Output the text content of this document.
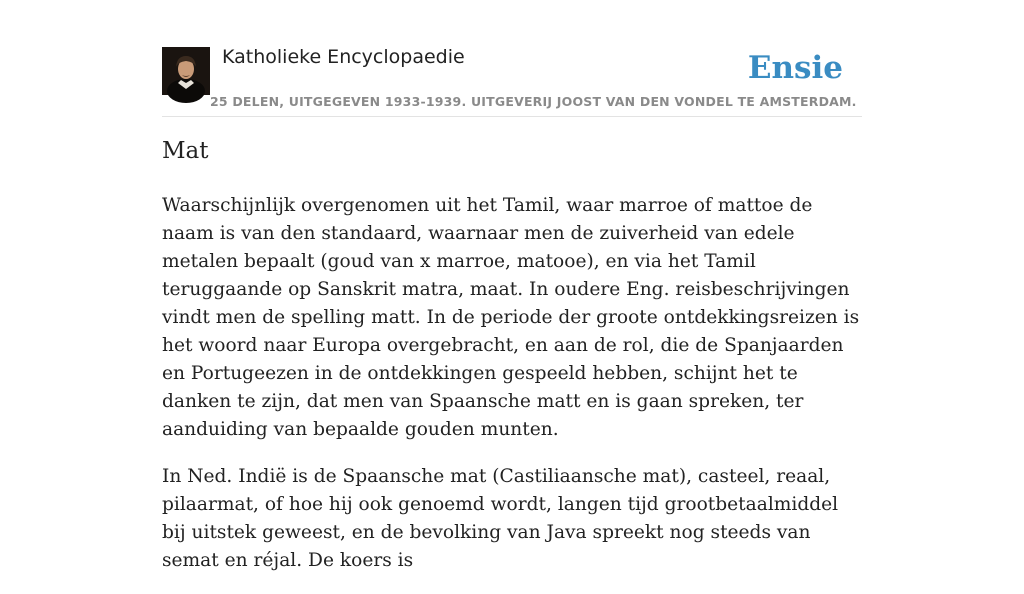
Katholieke Encyclopaedie
25 DELEN, UITGEGEVEN 1933-1939. UITGEVERIJ JOOST VAN DEN VONDEL TE AMSTERDAM.
Ensie
Mat

Waarschijnlijk overgenomen uit het Tamil, waar marroe of mattoe de naam is van den standaard, waarnaar men de zuiverheid van edele metalen bepaalt (goud van x marroe, matooe), en via het Tamil teruggaande op Sanskrit matra, maat. In oudere Eng. reisbeschrijvingen vindt men de spelling matt. In de periode der groote ontdekkingsreizen is het woord naar Europa overgebracht, en aan de rol, die de Spanjaarden en Portugeezen in de ontdekkingen gespeeld hebben, schijnt het te danken te zijn, dat men van Spaansche matt en is gaan spreken, ter aanduiding van bepaalde gouden munten.

In Ned. Indië is de Spaansche mat (Castiliaansche mat), casteel, reaal, pilaarmat, of hoe hij ook genoemd wordt, langen tijd grootbetaalmiddel bij uitstek geweest, en de bevolking van Java spreekt nog steeds van semat en réjal. De koers is
